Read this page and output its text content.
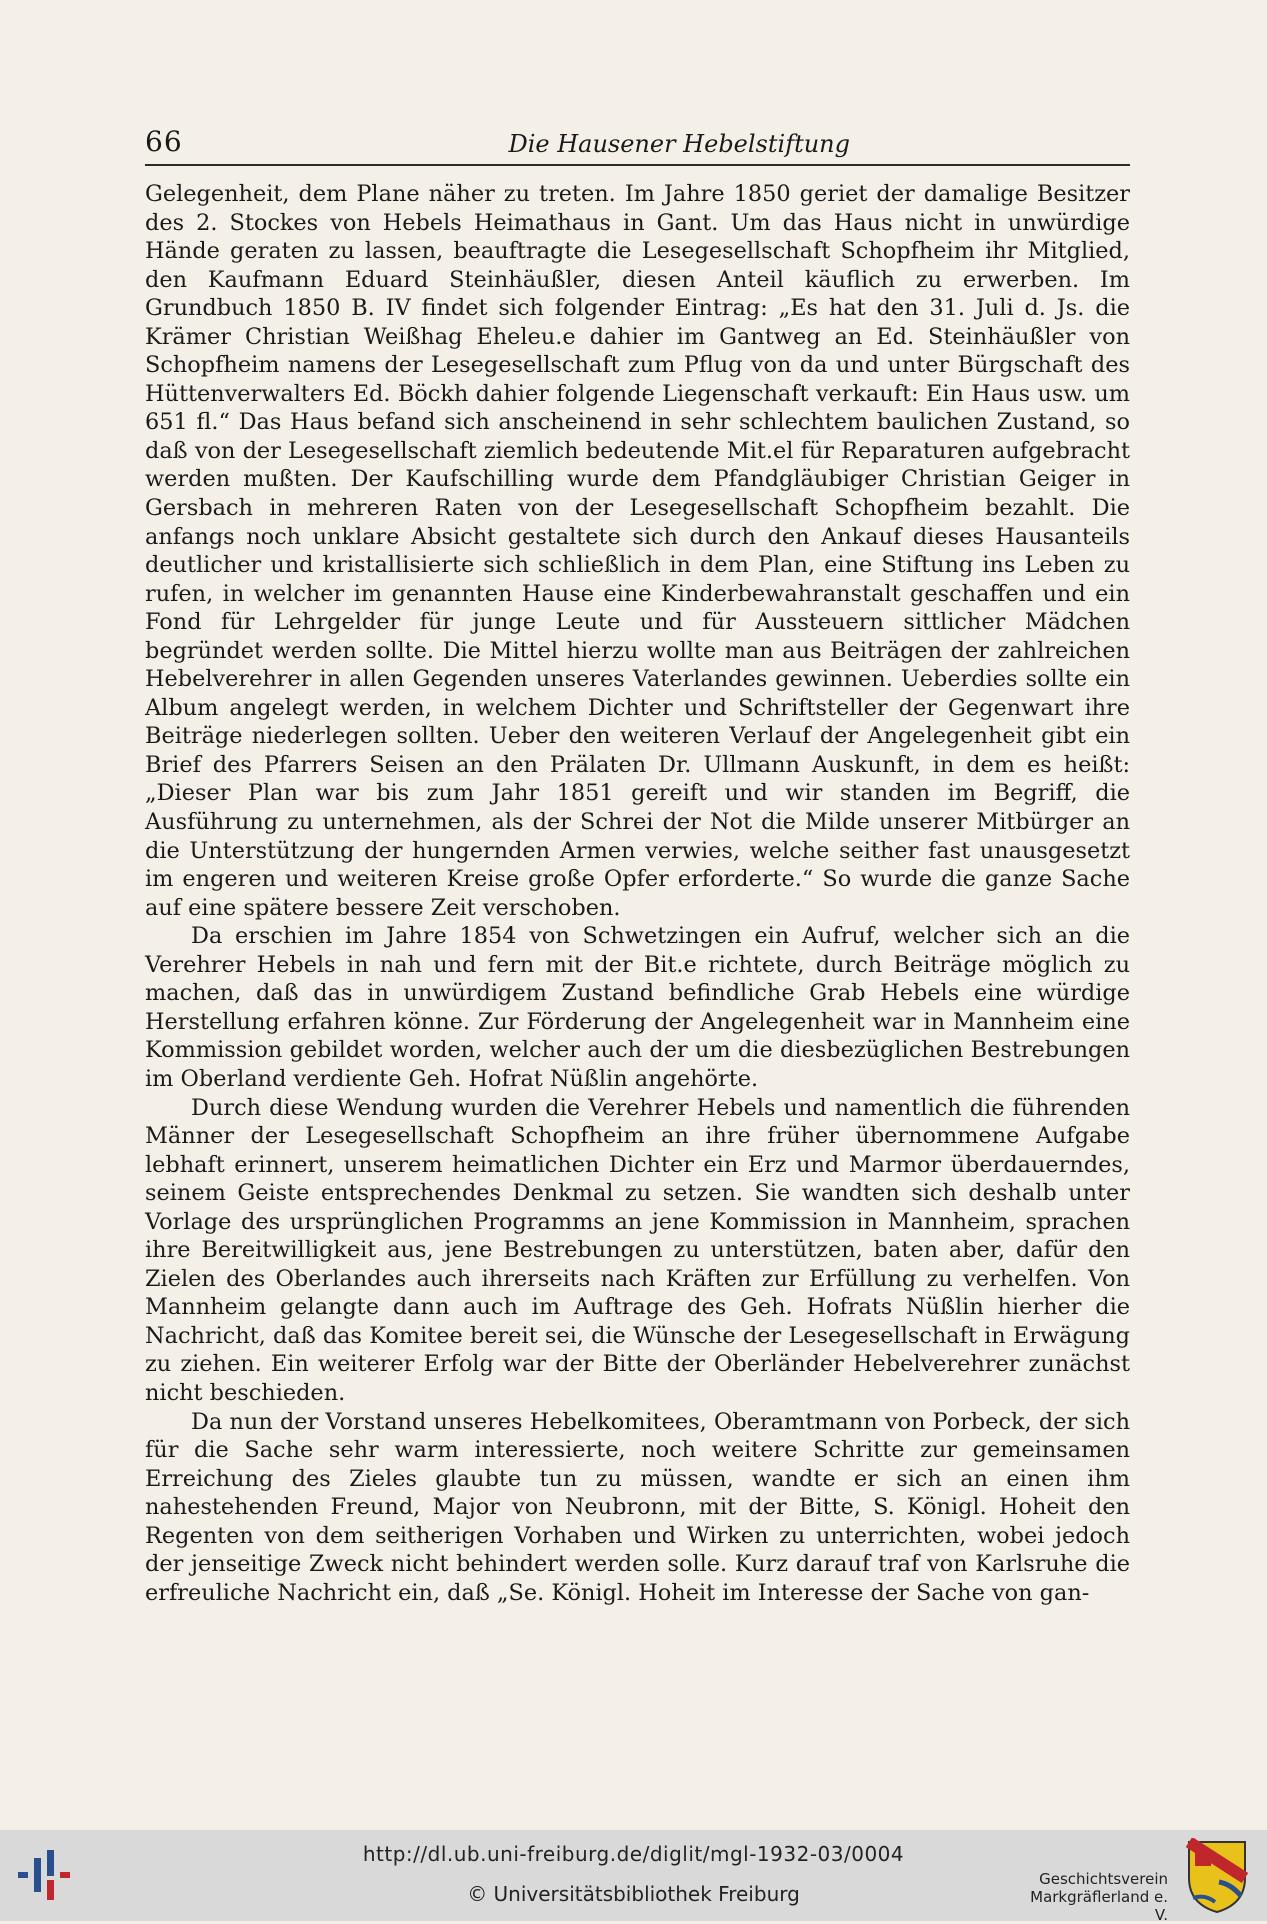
66	Die Hausener Hebelstiftung

Gelegenheit, dem Plane näher zu treten. Im Jahre 1850 geriet der damalige Besitzer des 2. Stockes von Hebels Heimathaus in Gant. Um das Haus nicht in unwürdige Hände geraten zu lassen, beauftragte die Lesegesellschaft Schopfheim ihr Mitglied, den Kaufmann Eduard Steinhäußler, diesen Anteil käuflich zu erwerben. Im Grundbuch 1850 B. IV findet sich folgender Eintrag: „Es hat den 31. Juli d. Js. die Krämer Christian Weißhag Eheleu.e dahier im Gantweg an Ed. Steinhäußler von Schopfheim namens der Lesegesellschaft zum Pflug von da und unter Bürgschaft des Hüttenverwalters Ed. Böckh dahier folgende Liegenschaft verkauft: Ein Haus usw. um 651 fl.“ Das Haus befand sich anscheinend in sehr schlechtem baulichen Zustand, so daß von der Lesegesellschaft ziemlich bedeutende Mit.el für Reparaturen aufgebracht werden mußten. Der Kaufschilling wurde dem Pfandgläubiger Christian Geiger in Gersbach in mehreren Raten von der Lesegesellschaft Schopfheim bezahlt. Die anfangs noch unklare Absicht gestaltete sich durch den Ankauf dieses Hausanteils deutlicher und kristallisierte sich schließlich in dem Plan, eine Stiftung ins Leben zu rufen, in welcher im genannten Hause eine Kinderbewahranstalt geschaffen und ein Fond für Lehrgelder für junge Leute und für Aussteuern sittlicher Mädchen begründet werden sollte. Die Mittel hierzu wollte man aus Beiträgen der zahlreichen Hebelverehrer in allen Gegenden unseres Vaterlandes gewinnen. Ueberdies sollte ein Album angelegt werden, in welchem Dichter und Schriftsteller der Gegenwart ihre Beiträge niederlegen sollten. Ueber den weiteren Verlauf der Angelegenheit gibt ein Brief des Pfarrers Seisen an den Prälaten Dr. Ullmann Auskunft, in dem es heißt: „Dieser Plan war bis zum Jahr 1851 gereift und wir standen im Begriff, die Ausführung zu unternehmen, als der Schrei der Not die Milde unserer Mitbürger an die Unterstützung der hungernden Armen verwies, welche seither fast unausgesetzt im engeren und weiteren Kreise große Opfer erforderte.“ So wurde die ganze Sache auf eine spätere bessere Zeit verschoben.

Da erschien im Jahre 1854 von Schwetzingen ein Aufruf, welcher sich an die Verehrer Hebels in nah und fern mit der Bit.e richtete, durch Beiträge möglich zu machen, daß das in unwürdigem Zustand befindliche Grab Hebels eine würdige Herstellung erfahren könne. Zur Förderung der Angelegenheit war in Mannheim eine Kommission gebildet worden, welcher auch der um die diesbezüglichen Bestrebungen im Oberland verdiente Geh. Hofrat Nüßlin angehörte.

Durch diese Wendung wurden die Verehrer Hebels und namentlich die führenden Männer der Lesegesellschaft Schopfheim an ihre früher übernommene Aufgabe lebhaft erinnert, unserem heimatlichen Dichter ein Erz und Marmor überdauerndes, seinem Geiste entsprechendes Denkmal zu setzen. Sie wandten sich deshalb unter Vorlage des ursprünglichen Programms an jene Kommission in Mannheim, sprachen ihre Bereitwilligkeit aus, jene Bestrebungen zu unterstützen, baten aber, dafür den Zielen des Oberlandes auch ihrerseits nach Kräften zur Erfüllung zu verhelfen. Von Mannheim gelangte dann auch im Auftrage des Geh. Hofrats Nüßlin hierher die Nachricht, daß das Komitee bereit sei, die Wünsche der Lesegesellschaft in Erwägung zu ziehen. Ein weiterer Erfolg war der Bitte der Oberländer Hebelverehrer zunächst nicht beschieden.

Da nun der Vorstand unseres Hebelkomitees, Oberamtmann von Porbeck, der sich für die Sache sehr warm interessierte, noch weitere Schritte zur gemeinsamen Erreichung des Zieles glaubte tun zu müssen, wandte er sich an einen ihm nahestehenden Freund, Major von Neubronn, mit der Bitte, S. Königl. Hoheit den Regenten von dem seitherigen Vorhaben und Wirken zu unterrichten, wobei jedoch der jenseitige Zweck nicht behindert werden solle. Kurz darauf traf von Karlsruhe die erfreuliche Nachricht ein, daß „Se. Königl. Hoheit im Interesse der Sache von gan-

http://dl.ub.uni-freiburg.de/diglit/mgl-1932-03/0004
© Universitätsbibliothek Freiburg
Geschichtsverein
Markgräflerland e. V.
